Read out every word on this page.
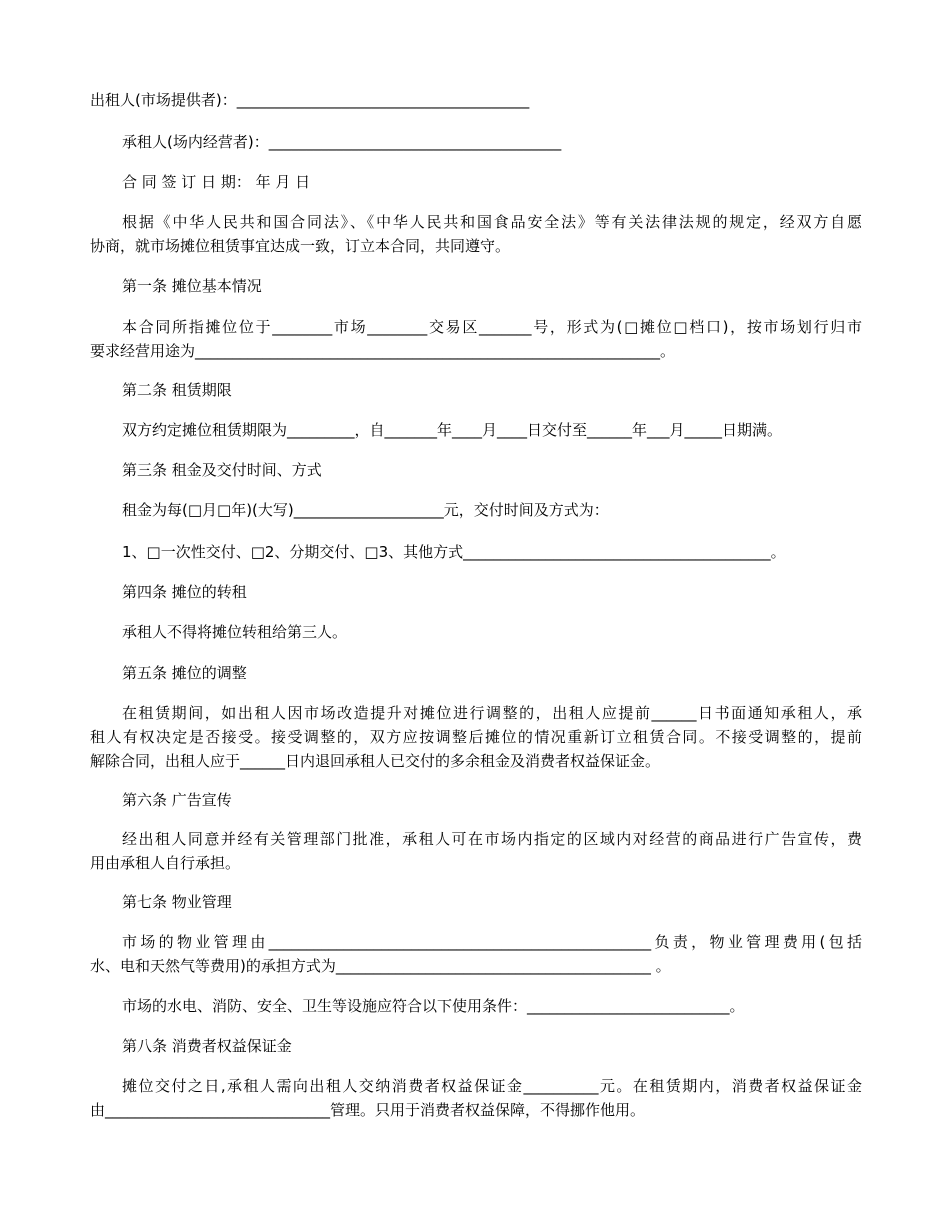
出租人(市场提供者)：_______________________________________
承租人(场内经营者)：_______________________________________
合 同 签 订 日 期： 年 月 日
根据《中华人民共和国合同法》、《中华人民共和国食品安全法》等有关法律法规的规定，经双方自愿
协商，就市场摊位租赁事宜达成一致，订立本合同，共同遵守。
第一条 摊位基本情况
本合同所指摊位位于________市场________交易区_______号，形式为(□摊位□档口)，按市场划行归市
要求经营用途为______________________________________________________________。
第二条 租赁期限
双方约定摊位租赁期限为_________，自_______年____月____日交付至______年___月_____日期满。
第三条 租金及交付时间、方式
租金为每(□月□年)(大写)____________________元，交付时间及方式为：
1、□一次性交付、□2、分期交付、□3、其他方式_________________________________________。
第四条 摊位的转租
承租人不得将摊位转租给第三人。
第五条 摊位的调整
在租赁期间，如出租人因市场改造提升对摊位进行调整的，出租人应提前______日书面通知承租人，承
租人有权决定是否接受。接受调整的，双方应按调整后摊位的情况重新订立租赁合同。不接受调整的，提前
解除合同，出租人应于______日内退回承租人已交付的多余租金及消费者权益保证金。
第六条 广告宣传
经出租人同意并经有关管理部门批准，承租人可在市场内指定的区域内对经营的商品进行广告宣传，费
用由承租人自行承担。
第七条 物业管理
市场的物业管理由___________________________________________________负责，物业管理费用(包括
水、电和天然气等费用)的承担方式为__________________________________________ 。
市场的水电、消防、安全、卫生等设施应符合以下使用条件：___________________________。
第八条 消费者权益保证金
摊位交付之日,承租人需向出租人交纳消费者权益保证金__________元。在租赁期内，消费者权益保证金
由______________________________管理。只用于消费者权益保障，不得挪作他用。
